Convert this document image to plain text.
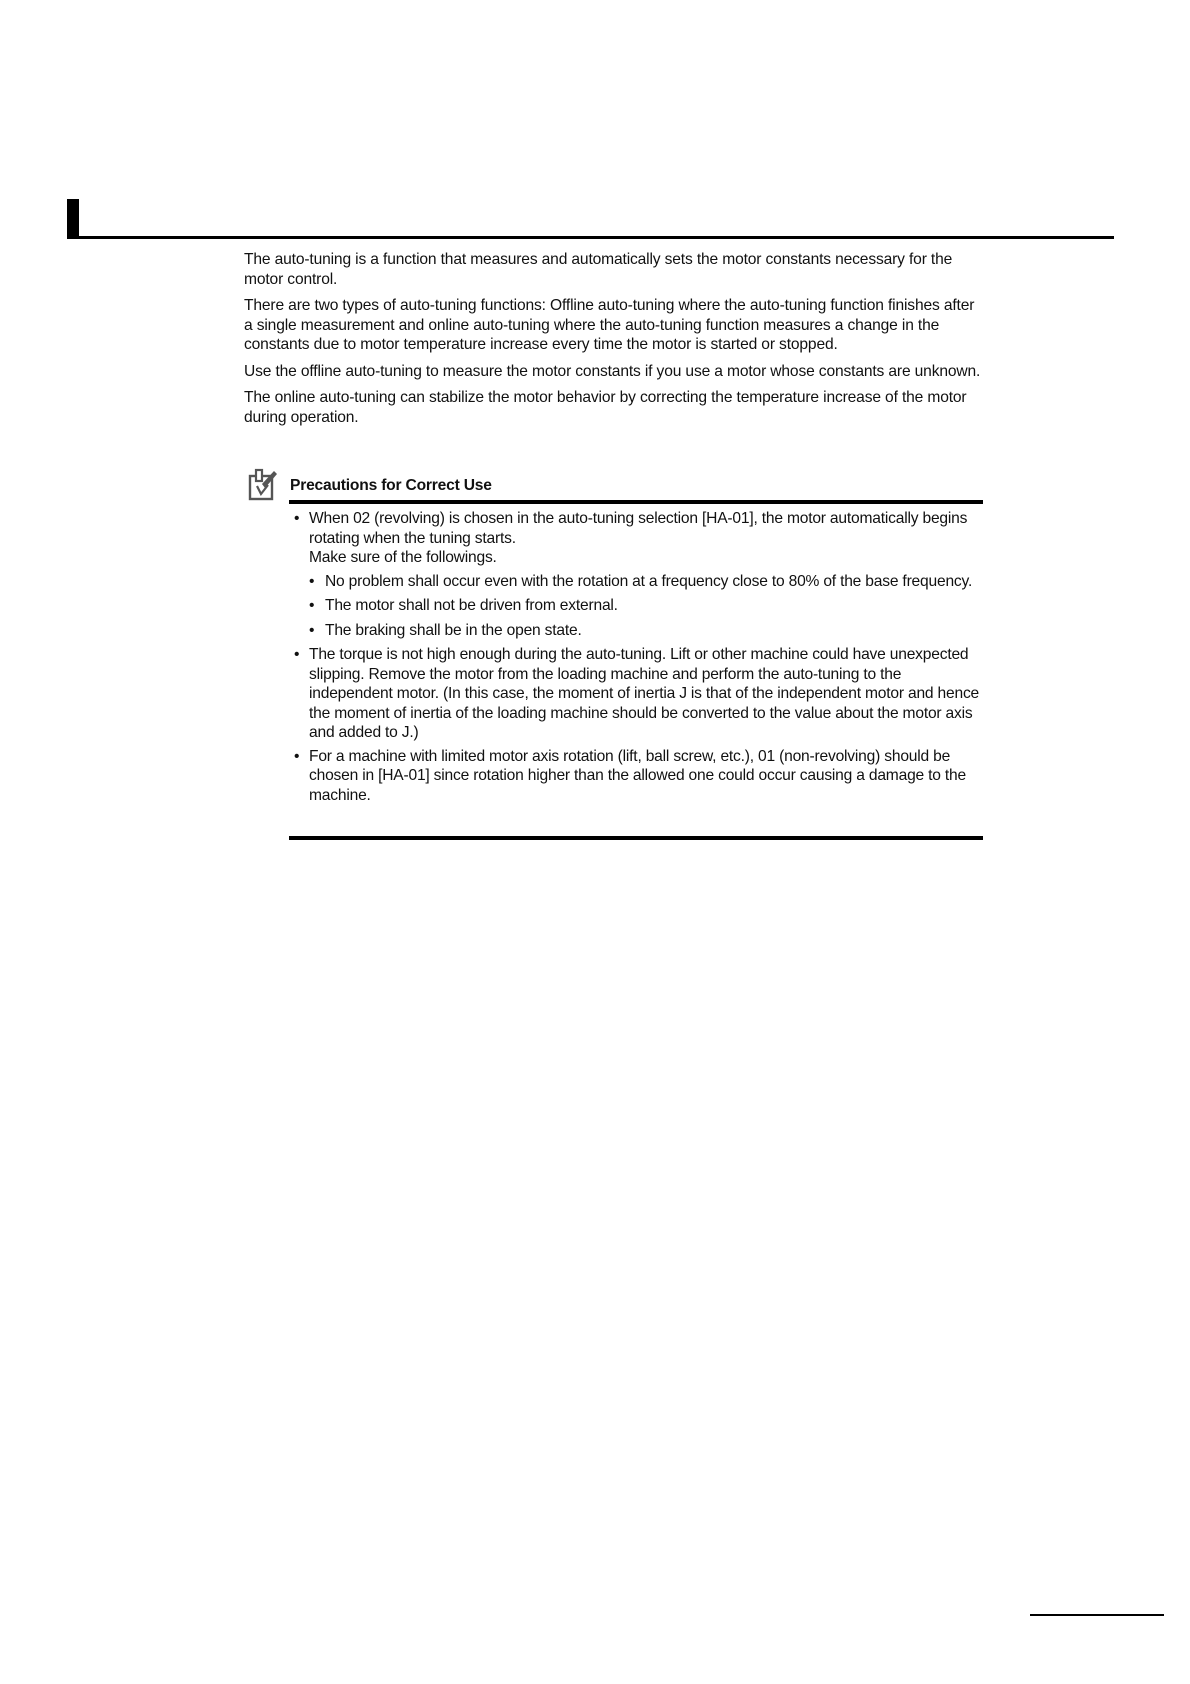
The auto-tuning is a function that measures and automatically sets the motor constants necessary for the motor control.

There are two types of auto-tuning functions: Offline auto-tuning where the auto-tuning function finishes after a single measurement and online auto-tuning where the auto-tuning function measures a change in the constants due to motor temperature increase every time the motor is started or stopped.

Use the offline auto-tuning to measure the motor constants if you use a motor whose constants are unknown.

The online auto-tuning can stabilize the motor behavior by correcting the temperature increase of the motor during operation.

Precautions for Correct Use
• When 02 (revolving) is chosen in the auto-tuning selection [HA-01], the motor automatically begins rotating when the tuning starts.
Make sure of the followings.
• No problem shall occur even with the rotation at a frequency close to 80% of the base frequency.
• The motor shall not be driven from external.
• The braking shall be in the open state.
• The torque is not high enough during the auto-tuning. Lift or other machine could have unexpected slipping. Remove the motor from the loading machine and perform the auto-tuning to the independent motor. (In this case, the moment of inertia J is that of the independent motor and hence the moment of inertia of the loading machine should be converted to the value about the motor axis and added to J.)
• For a machine with limited motor axis rotation (lift, ball screw, etc.), 01 (non-revolving) should be chosen in [HA-01] since rotation higher than the allowed one could occur causing a damage to the machine.
